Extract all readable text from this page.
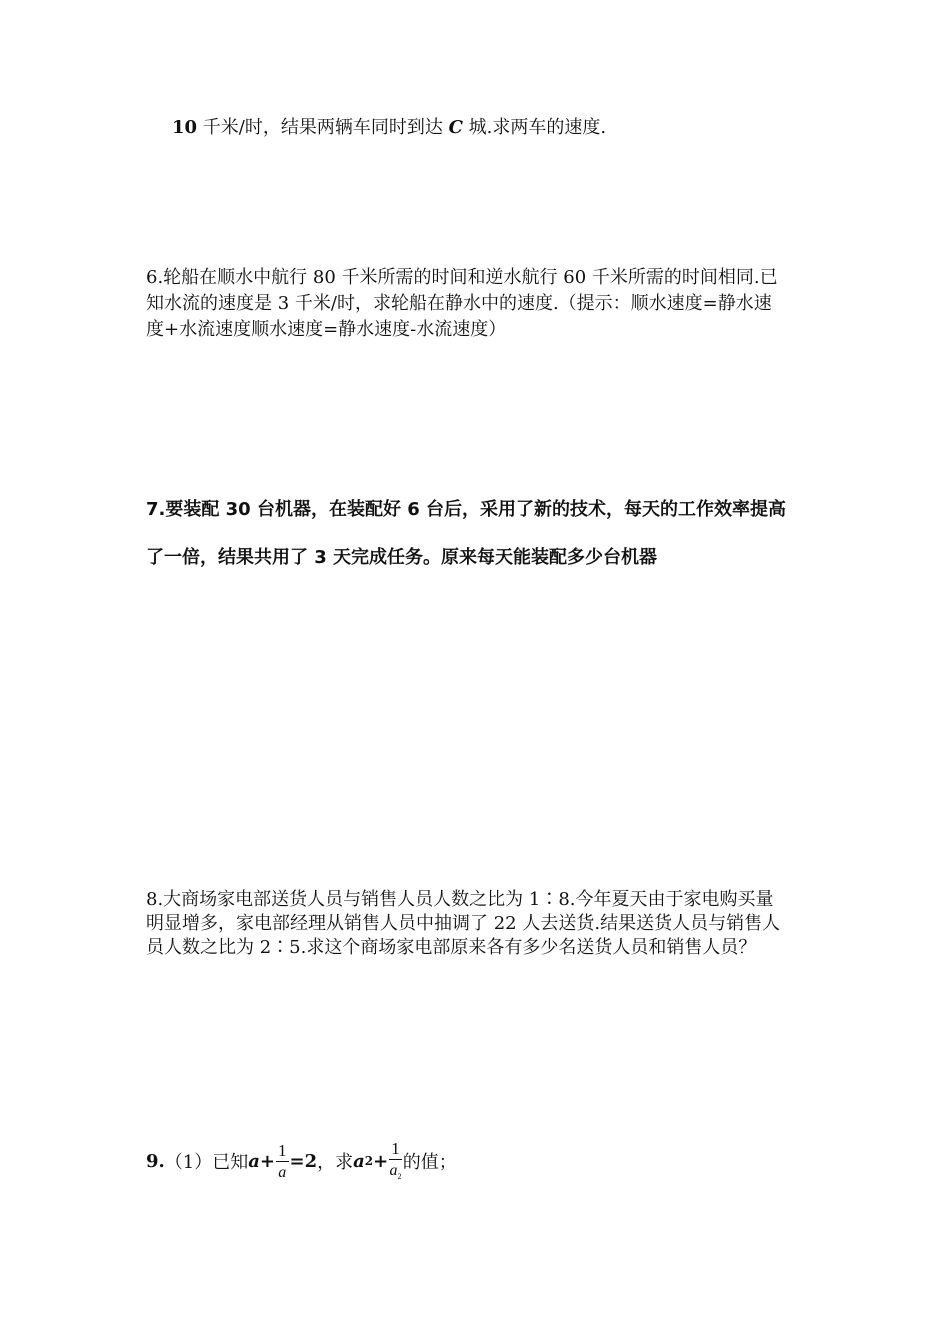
10 千米/时，结果两辆车同时到达 C 城.求两车的速度.
6.轮船在顺水中航行 80 千米所需的时间和逆水航行 60 千米所需的时间相同.已
知水流的速度是 3 千米/时，求轮船在静水中的速度.（提示：顺水速度=静水速
度+水流速度顺水速度=静水速度-水流速度）
7.要装配 30 台机器，在装配好 6 台后，采用了新的技术，每天的工作效率提高
了一倍，结果共用了 3 天完成任务。原来每天能装配多少台机器
8.大商场家电部送货人员与销售人员人数之比为 1∶8.今年夏天由于家电购买量
明显增多，家电部经理从销售人员中抽调了 22 人去送货.结果送货人员与销售人
员人数之比为 2∶5.求这个商场家电部原来各有多少名送货人员和销售人员？
9. （1） 已知 $a + \frac{1}{a} =2$ ，求 a $2 + \frac{1}{a_2}$ 的值；
